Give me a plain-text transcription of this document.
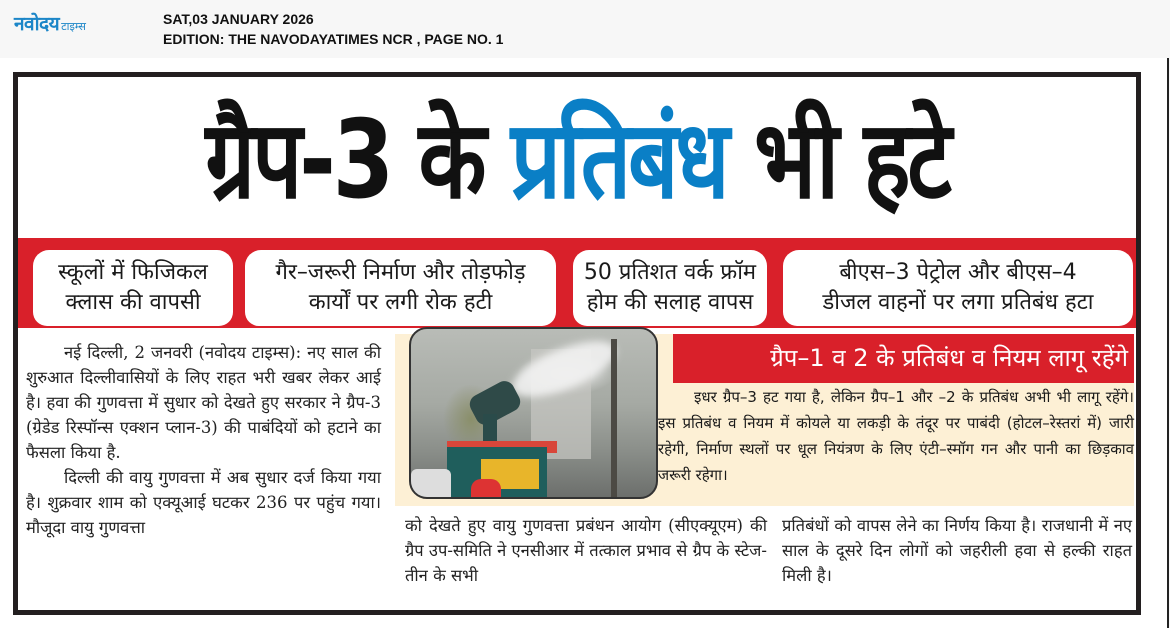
नवोदय टाइम्स	SAT,03 JANUARY 2026
EDITION: THE NAVODAYATIMES NCR , PAGE NO. 1
ग्रैप-3 के प्रतिबंध भी हटे
स्कूलों में फिजिकल
क्लास की वापसी
गैर–जरूरी निर्माण और तोड़फोड़
कार्यों पर लगी रोक हटी
50 प्रतिशत वर्क फ्रॉम
होम की सलाह वापस
बीएस–3 पेट्रोल और बीएस–4
डीजल वाहनों पर लगा प्रतिबंध हटा

नई दिल्ली, 2 जनवरी (नवोदय टाइम्स): नए साल की शुरुआत दिल्लीवासियों के लिए राहत भरी खबर लेकर आई है। हवा की गुणवत्ता में सुधार को देखते हुए सरकार ने ग्रैप-3 (ग्रेडेड रिस्पॉन्स एक्शन प्लान-3) की पाबंदियों को हटाने का फैसला किया है.

दिल्ली की वायु गुणवत्ता में अब सुधार दर्ज किया गया है। शुक्रवार शाम को एक्यूआई घटकर 236 पर पहुंच गया। मौजूदा वायु गुणवत्ता

ग्रैप–1 व 2 के प्रतिबंध व नियम लागू रहेंगे

इधर ग्रैप–3 हट गया है, लेकिन ग्रैप–1 और –2 के प्रतिबंध अभी भी लागू रहेंगे। इस प्रतिबंध व नियम में कोयले या लकड़ी के तंदूर पर पाबंदी (होटल–रेस्तरां में) जारी रहेगी, निर्माण स्थलों पर धूल नियंत्रण के लिए एंटी–स्मॉग गन और पानी का छिड़काव जरूरी रहेगा।

को देखते हुए वायु गुणवत्ता प्रबंधन आयोग (सीएक्यूएम) की ग्रैप उप-समिति ने एनसीआर में तत्काल प्रभाव से ग्रैप के स्टेज-तीन के सभी

प्रतिबंधों को वापस लेने का निर्णय किया है। राजधानी में नए साल के दूसरे दिन लोगों को जहरीली हवा से हल्की राहत मिली है।
